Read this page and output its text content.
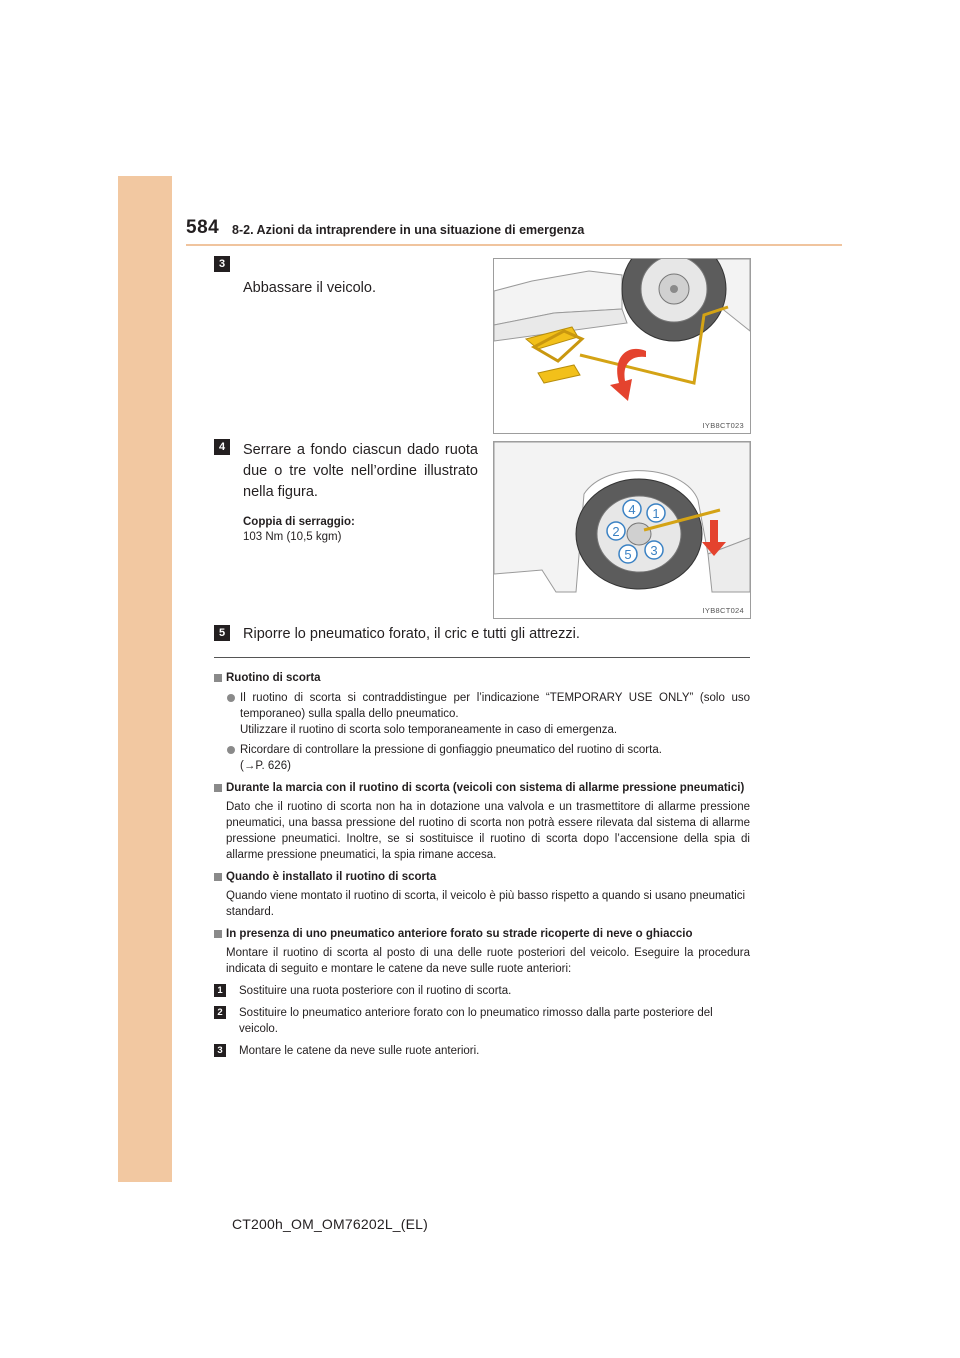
584 8-2. Azioni da intraprendere in una situazione di emergenza
3
Abbassare il veicolo.
IYB8CT023
4	Serrare a fondo ciascun dado ruota due o tre volte nell’ordine illustrato nella figura.
Coppia di serraggio:
103 Nm (10,5 kgm)
1
2
3
4
5
IYB8CT024
5	Riporre lo pneumatico forato, il cric e tutti gli attrezzi.

Ruotino di scorta

Il ruotino di scorta si contraddistingue per l’indicazione “TEMPORARY USE ONLY” (solo uso temporaneo) sulla spalla dello pneumatico.

Utilizzare il ruotino di scorta solo temporaneamente in caso di emergenza.

Ricordare di controllare la pressione di gonfiaggio pneumatico del ruotino di scorta.

(→P. 626)

Durante la marcia con il ruotino di scorta (veicoli con sistema di allarme pressione pneumatici)

Dato che il ruotino di scorta non ha in dotazione una valvola e un trasmettitore di allarme pressione pneumatici, una bassa pressione del ruotino di scorta non potrà essere rilevata dal sistema di allarme pressione pneumatici. Inoltre, se si sostituisce il ruotino di scorta dopo l’accensione della spia di allarme pressione pneumatici, la spia rimane accesa.

Quando è installato il ruotino di scorta

Quando viene montato il ruotino di scorta, il veicolo è più basso rispetto a quando si usano pneumatici standard.

In presenza di uno pneumatico anteriore forato su strade ricoperte di neve o ghiaccio

Montare il ruotino di scorta al posto di una delle ruote posteriori del veicolo. Eseguire la procedura indicata di seguito e montare le catene da neve sulle ruote anteriori:

1 Sostituire una ruota posteriore con il ruotino di scorta.

2 Sostituire lo pneumatico anteriore forato con lo pneumatico rimosso dalla parte posteriore del veicolo.

3 Montare le catene da neve sulle ruote anteriori.

CT200h_OM_OM76202L_(EL)
